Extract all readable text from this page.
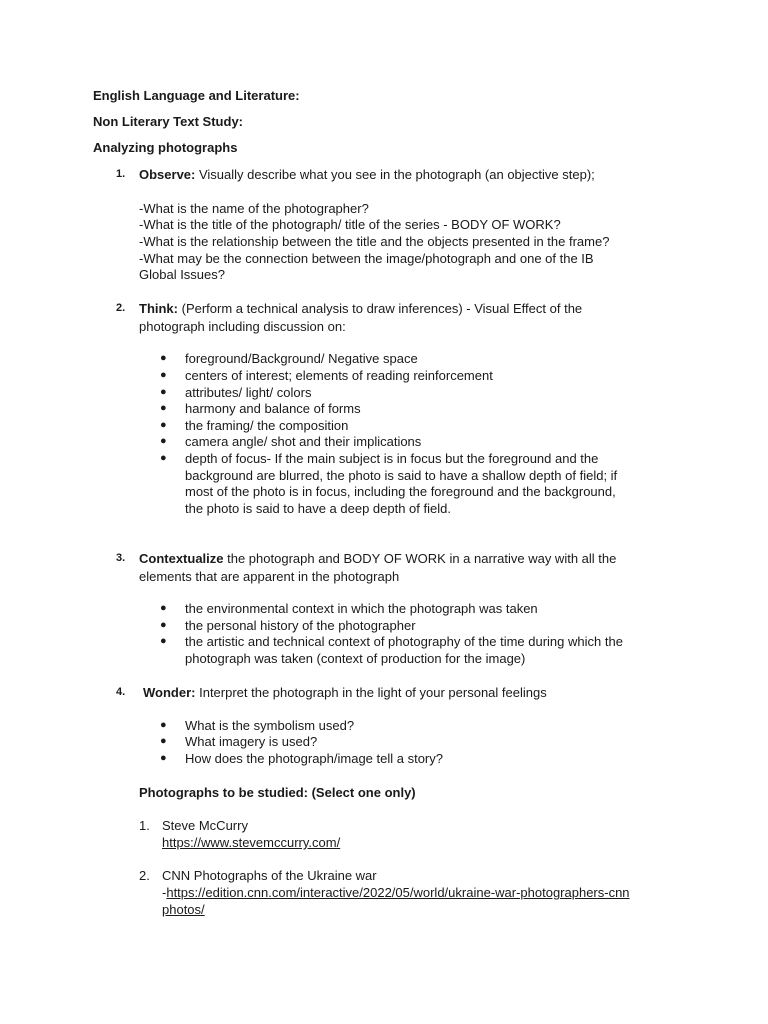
English Language and Literature:
Non Literary Text Study:
Analyzing photographs
1. Observe: Visually describe what you see in the photograph (an objective step);
-What is the name of the photographer?
-What is the title of the photograph/ title of the series - BODY OF WORK?
-What is the relationship between the title and the objects presented in the frame?
-What may be the connection between the image/photograph and one of the IB
Global Issues?
2. Think: (Perform a technical analysis to draw inferences) - Visual Effect of the
photograph including discussion on:
● foreground/Background/ Negative space
● centers of interest; elements of reading reinforcement
● attributes/ light/ colors
● harmony and balance of forms
● the framing/ the composition
● camera angle/ shot and their implications
● depth of focus- If the main subject is in focus but the foreground and the
background are blurred, the photo is said to have a shallow depth of field; if
most of the photo is in focus, including the foreground and the background,
the photo is said to have a deep depth of field.
3. Contextualize the photograph and BODY OF WORK in a narrative way with all the
elements that are apparent in the photograph
● the environmental context in which the photograph was taken
● the personal history of the photographer
● the artistic and technical context of photography of the time during which the
photograph was taken (context of production for the image)
4. Wonder: Interpret the photograph in the light of your personal feelings
● What is the symbolism used?
● What imagery is used?
● How does the photograph/image tell a story?
Photographs to be studied: (Select one only)
1. Steve McCurry
https://www.stevemccurry.com/
2. CNN Photographs of the Ukraine war
-https://edition.cnn.com/interactive/2022/05/world/ukraine-war-photographers-cnn
photos/
